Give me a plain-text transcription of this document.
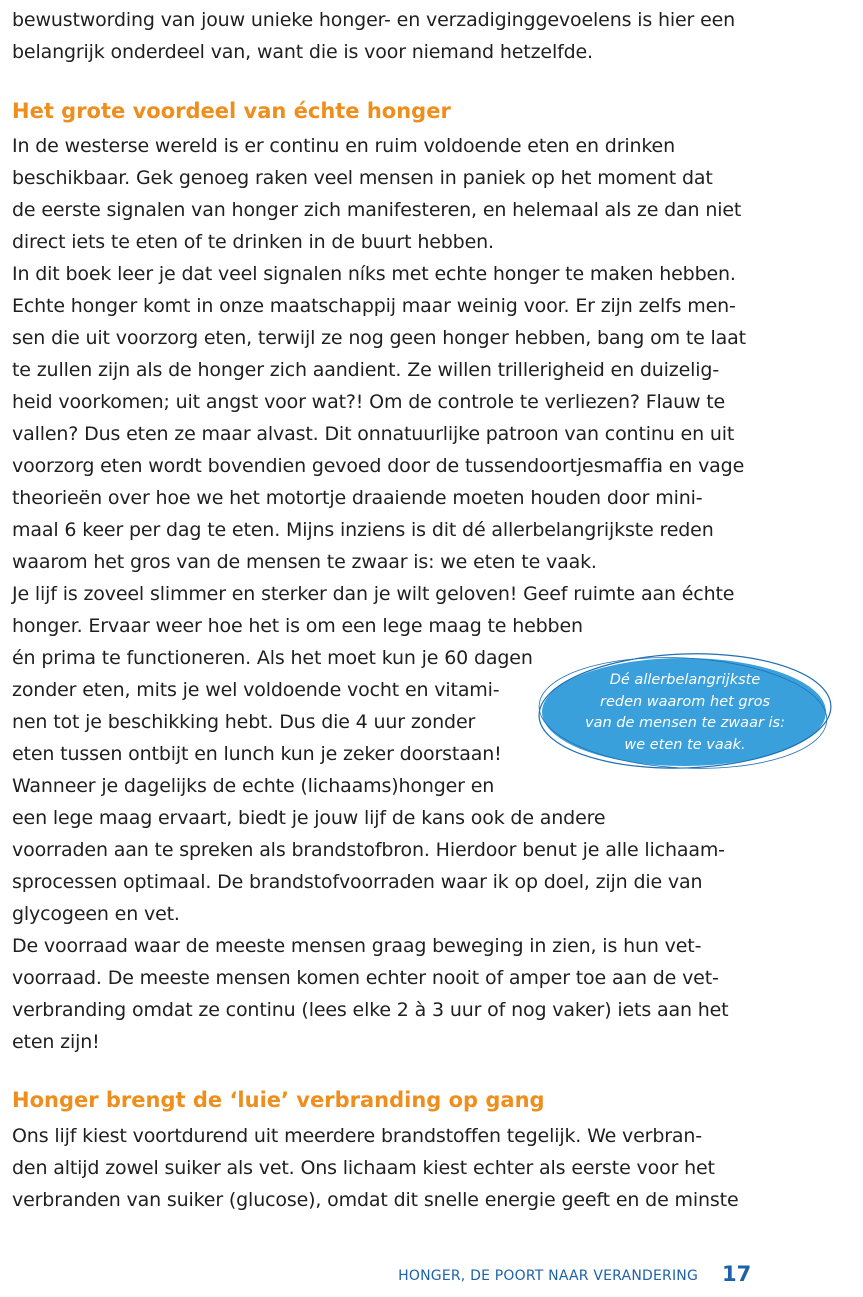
bewustwording van jouw unieke honger- en verzadiginggevoelens is hier een

belangrijk onderdeel van, want die is voor niemand hetzelfde.

Het grote voordeel van échte honger

In de westerse wereld is er continu en ruim voldoende eten en drinken

beschikbaar. Gek genoeg raken veel mensen in paniek op het moment dat

de eerste signalen van honger zich manifesteren, en helemaal als ze dan niet

direct iets te eten of te drinken in de buurt hebben.

In dit boek leer je dat veel signalen níks met echte honger te maken hebben.

Echte honger komt in onze maatschappij maar weinig voor. Er zijn zelfs men-

sen die uit voorzorg eten, terwijl ze nog geen honger hebben, bang om te laat

te zullen zijn als de honger zich aandient. Ze willen trillerigheid en duizelig-

heid voorkomen; uit angst voor wat?! Om de controle te verliezen? Flauw te

vallen? Dus eten ze maar alvast. Dit onnatuurlijke patroon van continu en uit

voorzorg eten wordt bovendien gevoed door de tussendoortjesmaffia en vage

theorieën over hoe we het motortje draaiende moeten houden door mini-

maal 6 keer per dag te eten. Mijns inziens is dit dé allerbelangrijkste reden

waarom het gros van de mensen te zwaar is: we eten te vaak.

Je lijf is zoveel slimmer en sterker dan je wilt geloven! Geef ruimte aan échte

honger. Ervaar weer hoe het is om een lege maag te hebben

én prima te functioneren. Als het moet kun je 60 dagen

zonder eten, mits je wel voldoende vocht en vitami-

nen tot je beschikking hebt. Dus die 4 uur zonder

eten tussen ontbijt en lunch kun je zeker doorstaan!

Wanneer je dagelijks de echte (lichaams)honger en

een lege maag ervaart, biedt je jouw lijf de kans ook de andere

voorraden aan te spreken als brandstofbron. Hierdoor benut je alle lichaam-

sprocessen optimaal. De brandstofvoorraden waar ik op doel, zijn die van

glycogeen en vet.

De voorraad waar de meeste mensen graag beweging in zien, is hun vet-

voorraad. De meeste mensen komen echter nooit of amper toe aan de vet-

verbranding omdat ze continu (lees elke 2 à 3 uur of nog vaker) iets aan het

eten zijn!

Honger brengt de ‘luie’ verbranding op gang

Ons lijf kiest voortdurend uit meerdere brandstoffen tegelijk. We verbran-

den altijd zowel suiker als vet. Ons lichaam kiest echter als eerste voor het

verbranden van suiker (glucose), omdat dit snelle energie geeft en de minste

Dé allerbelangrijkste
reden waarom het gros
van de mensen te zwaar is:
we eten te vaak.
HONGER, DE POORT NAAR VERANDERING 17
